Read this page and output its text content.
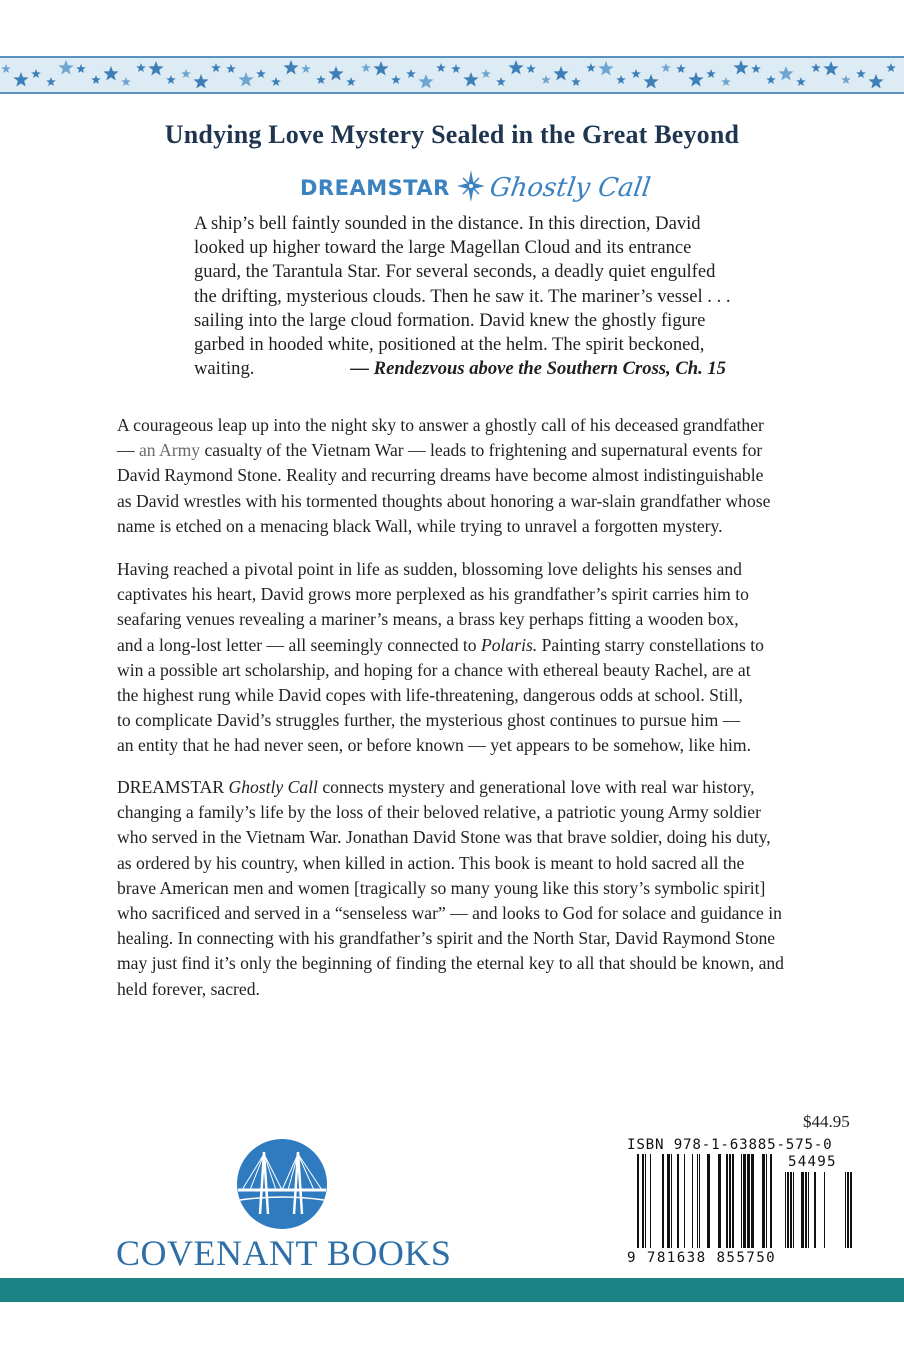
Undying Love Mystery Sealed in the Great Beyond
DREAMSTAR Ghostly Call
A ship’s bell faintly sounded in the distance. In this direction, David
looked up higher toward the large Magellan Cloud and its entrance
guard, the Tarantula Star. For several seconds, a deadly quiet engulfed
the drifting, mysterious clouds. Then he saw it. The mariner’s vessel . . .
sailing into the large cloud formation. David knew the ghostly figure
garbed in hooded white, positioned at the helm. The spirit beckoned,
waiting.	— Rendezvous above the Southern Cross, Ch. 15
A courageous leap up into the night sky to answer a ghostly call of his deceased grandfather
— an Army casualty of the Vietnam War — leads to frightening and supernatural events for
David Raymond Stone. Reality and recurring dreams have become almost indistinguishable
as David wrestles with his tormented thoughts about honoring a war-slain grandfather whose
name is etched on a menacing black Wall, while trying to unravel a forgotten mystery.
Having reached a pivotal point in life as sudden, blossoming love delights his senses and
captivates his heart, David grows more perplexed as his grandfather’s spirit carries him to
seafaring venues revealing a mariner’s means, a brass key perhaps fitting a wooden box,
and a long-lost letter — all seemingly connected to Polaris. Painting starry constellations to
win a possible art scholarship, and hoping for a chance with ethereal beauty Rachel, are at
the highest rung while David copes with life-threatening, dangerous odds at school. Still,
to complicate David’s struggles further, the mysterious ghost continues to pursue him —
an entity that he had never seen, or before known — yet appears to be somehow, like him.
DREAMSTAR Ghostly Call connects mystery and generational love with real war history,
changing a family’s life by the loss of their beloved relative, a patriotic young Army soldier
who served in the Vietnam War. Jonathan David Stone was that brave soldier, doing his duty,
as ordered by his country, when killed in action. This book is meant to hold sacred all the
brave American men and women [tragically so many young like this story’s symbolic spirit]
who sacrificed and served in a “senseless war” — and looks to God for solace and guidance in
healing. In connecting with his grandfather’s spirit and the North Star, David Raymond Stone
may just find it’s only the beginning of finding the eternal key to all that should be known, and
held forever, sacred.
$44.95
ISBN 978-1-63885-575-0
54495
9 781638 855750
COVENANT BOOKS
